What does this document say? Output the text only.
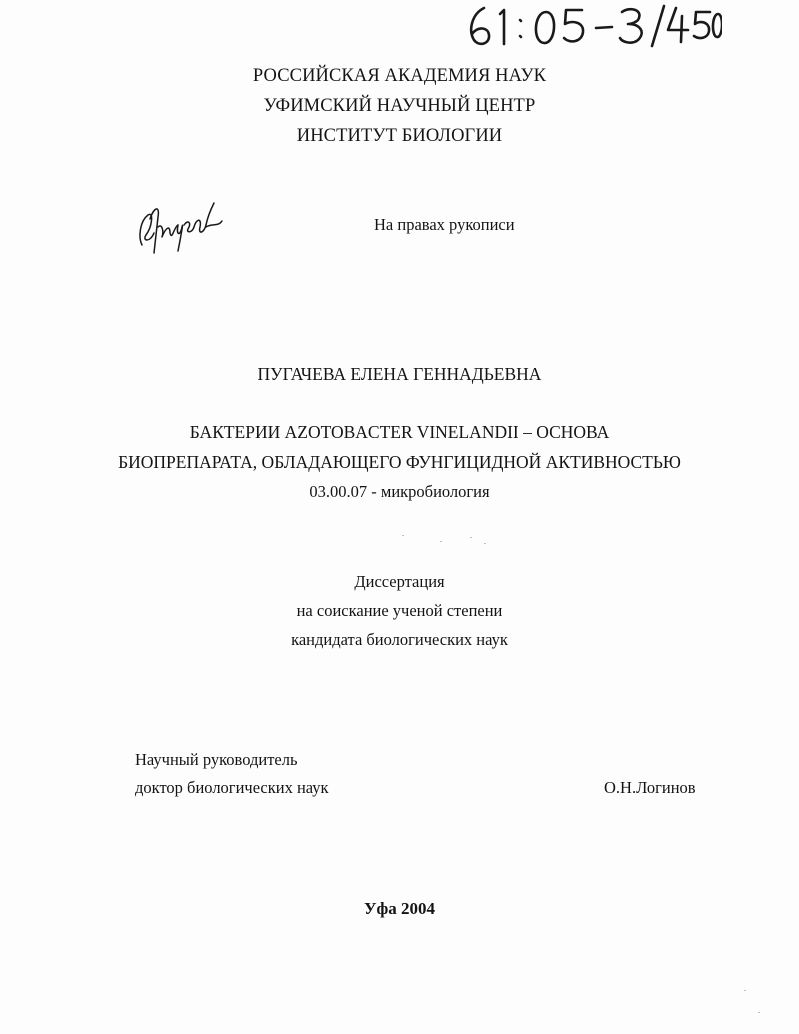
РОССИЙСКАЯ АКАДЕМИЯ НАУК
УФИМСКИЙ НАУЧНЫЙ ЦЕНТР
ИНСТИТУТ БИОЛОГИИ
На правах рукописи
ПУГАЧЕВА ЕЛЕНА ГЕННАДЬЕВНА
БАКТЕРИИ AZOTOBACTER VINELANDII – ОСНОВА
БИОПРЕПАРАТА, ОБЛАДАЮЩЕГО ФУНГИЦИДНОЙ АКТИВНОСТЬЮ
03.00.07 - микробиология
Диссертация
на соискание ученой степени
кандидата биологических наук
Научный руководитель
доктор биологических наук	О.Н.Логинов
Уфа 2004
